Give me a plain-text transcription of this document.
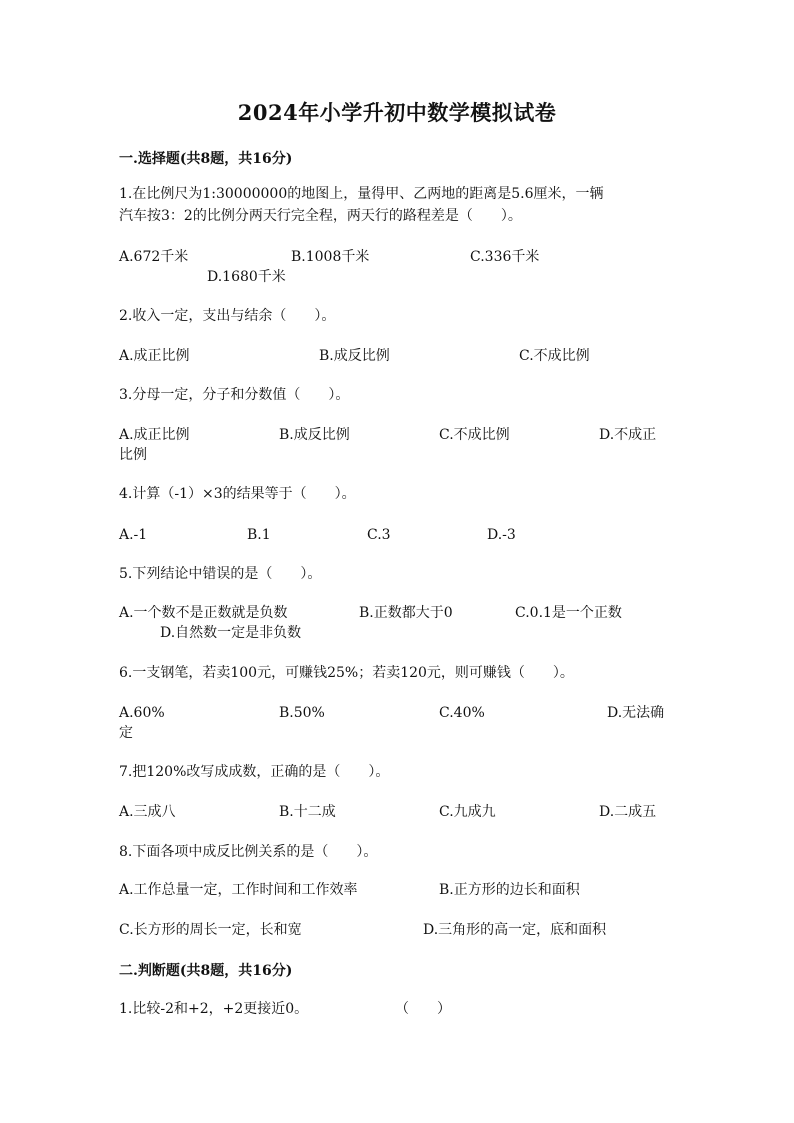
2024年小学升初中数学模拟试卷
一.选择题(共8题，共16分)
1.在比例尺为1:30000000的地图上，量得甲、乙两地的距离是5.6厘米，一辆
汽车按3：2的比例分两天行完全程，两天行的路程差是（　　）。
A.672千米	B.1008千米	C.336千米
D.1680千米
2.收入一定，支出与结余（　　）。
A.成正比例	B.成反比例	C.不成比例
3.分母一定，分子和分数值（　　）。
A.成正比例	B.成反比例	C.不成比例	D.不成正
比例
4.计算（-1）×3的结果等于（　　）。
A.-1	B.1	C.3	D.-3
5.下列结论中错误的是（　　）。
A.一个数不是正数就是负数	B.正数都大于0	C.0.1是一个正数
D.自然数一定是非负数
6.一支钢笔，若卖100元，可赚钱25%；若卖120元，则可赚钱（　　）。
A.60%	B.50%	C.40%	D.无法确
定
7.把120%改写成成数，正确的是（　　）。
A.三成八	B.十二成	C.九成九	D.二成五
8.下面各项中成反比例关系的是（　　）。
A.工作总量一定，工作时间和工作效率	B.正方形的边长和面积
C.长方形的周长一定，长和宽	D.三角形的高一定，底和面积
二.判断题(共8题，共16分)
1.比较-2和+2，+2更接近0。	（　　）
